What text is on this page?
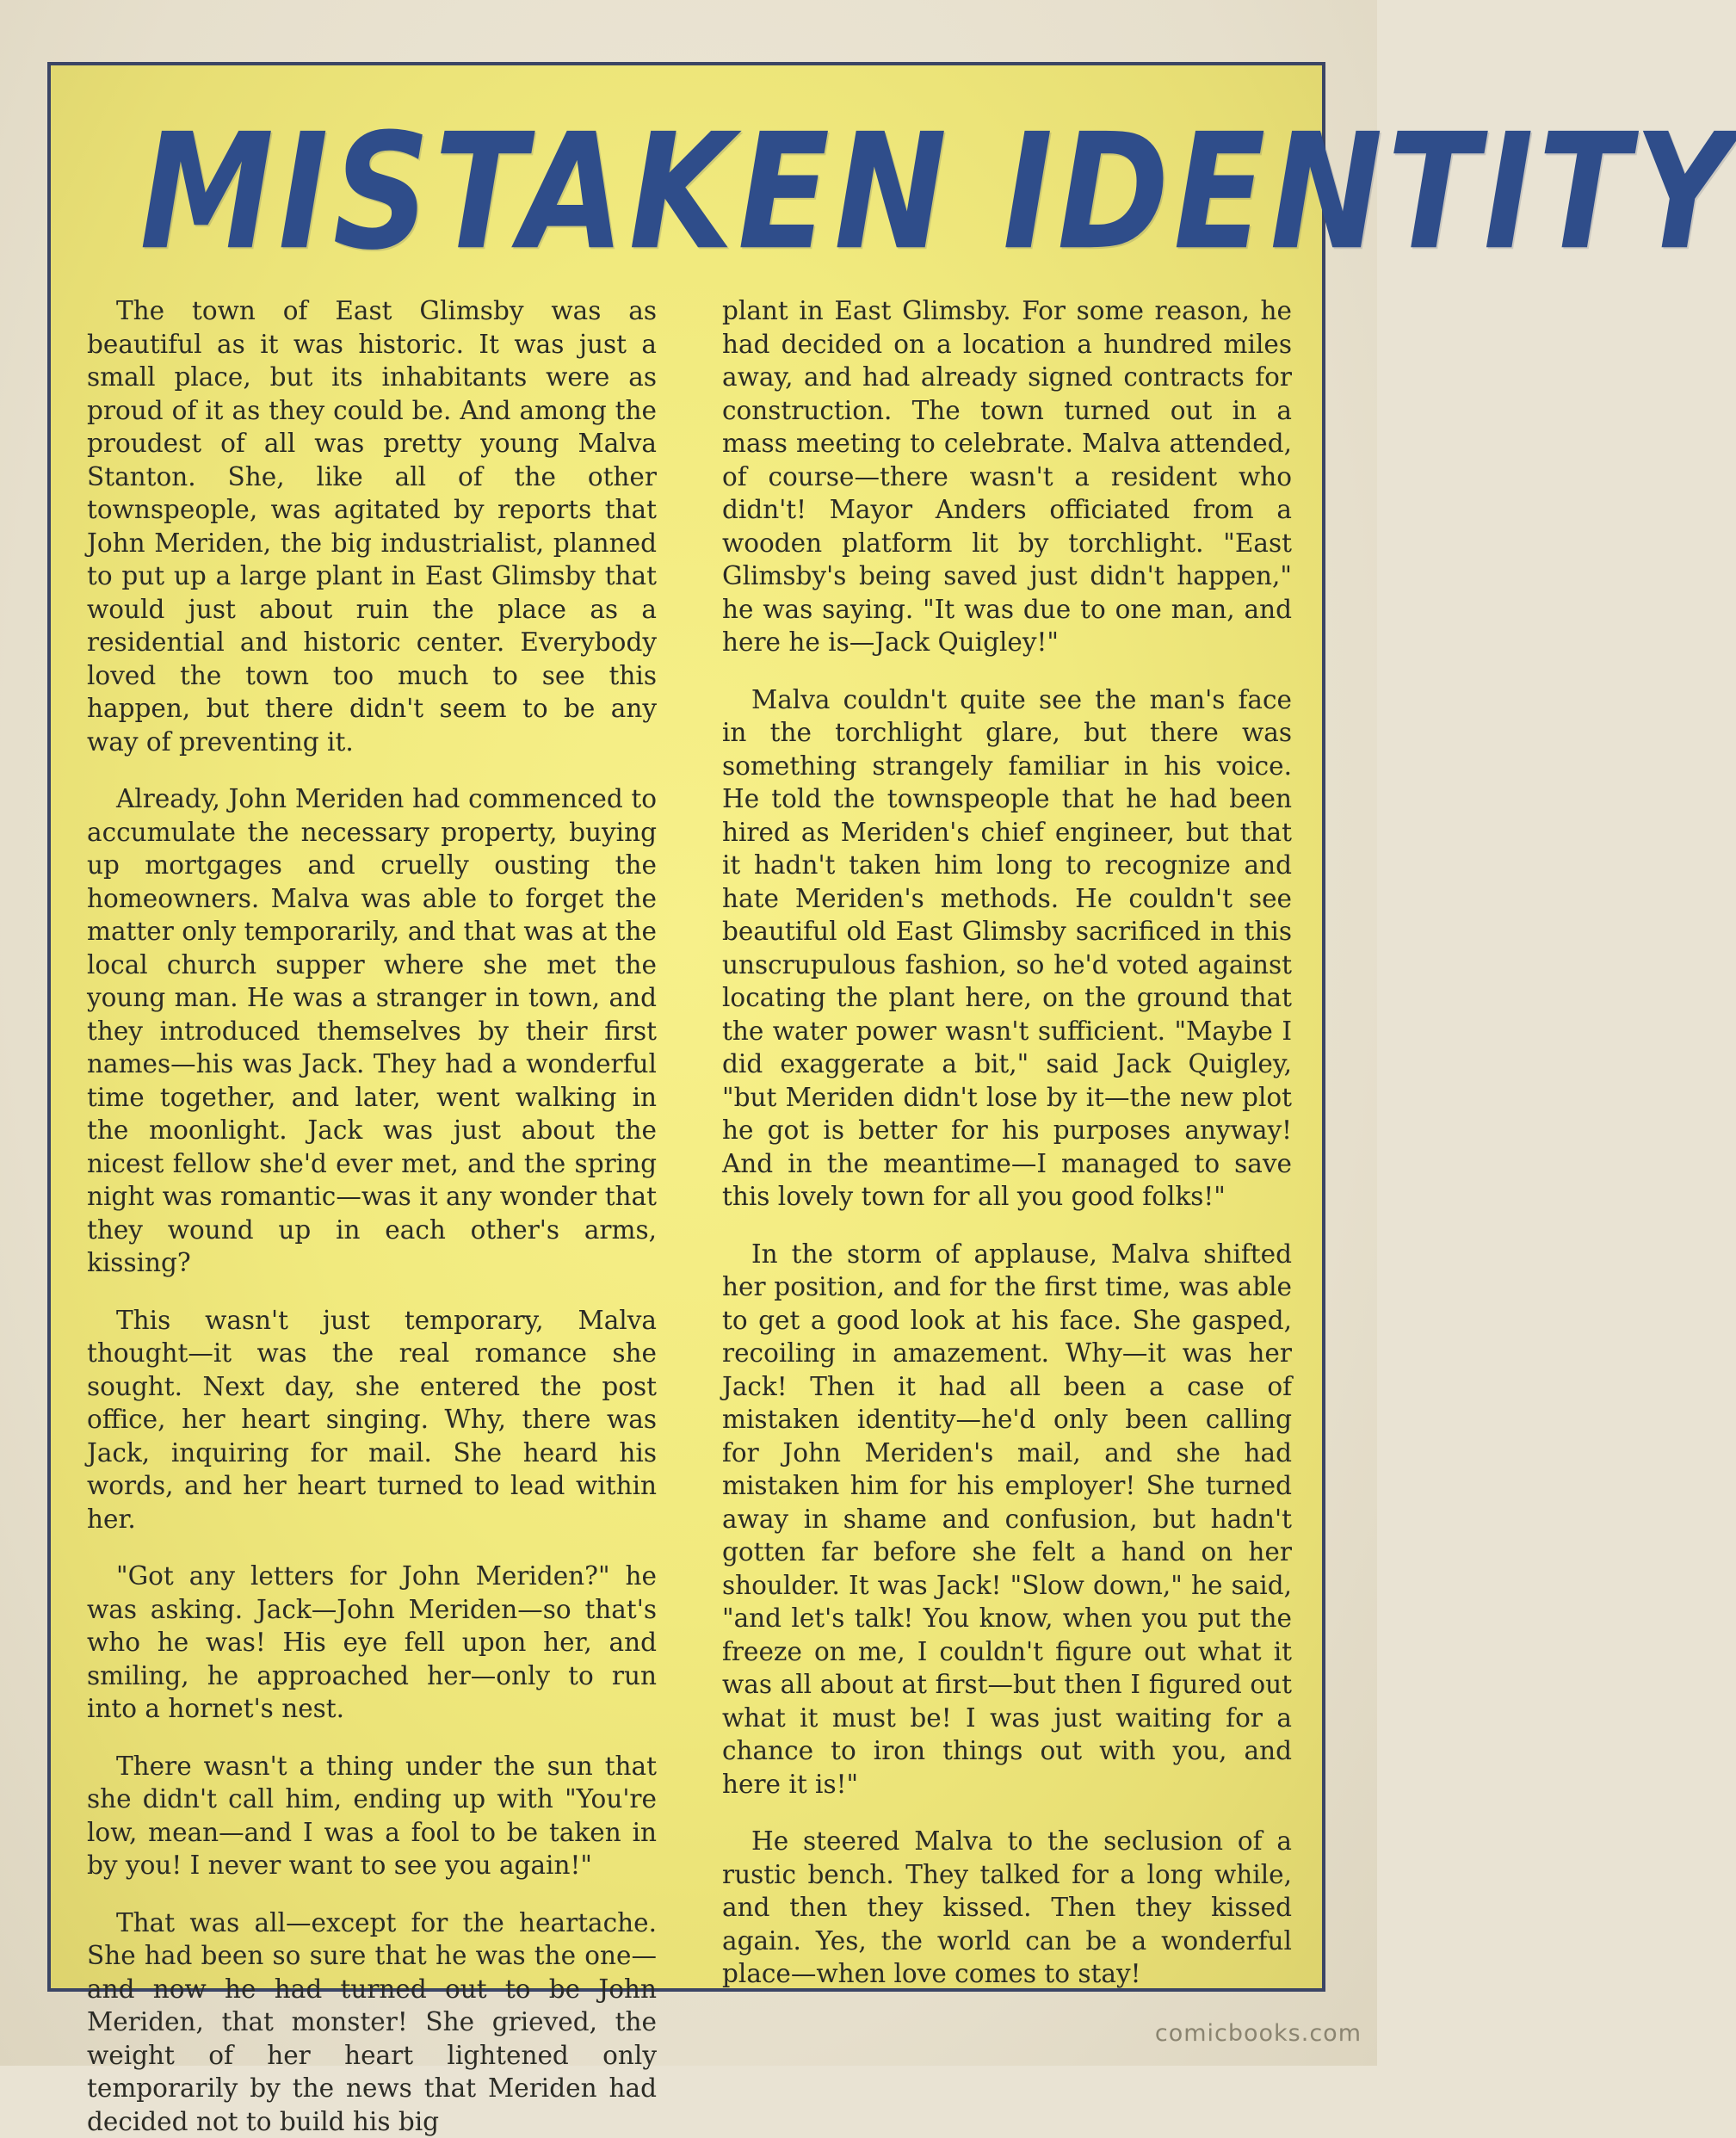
MISTAKEN IDENTITY

The town of East Glimsby was as beautiful as it was historic. It was just a small place, but its inhabitants were as proud of it as they could be. And among the proudest of all was pretty young Malva Stanton. She, like all of the other townspeople, was agitated by reports that John Meriden, the big industrialist, planned to put up a large plant in East Glimsby that would just about ruin the place as a residential and historic center. Everybody loved the town too much to see this happen, but there didn't seem to be any way of preventing it.

Already, John Meriden had commenced to accumulate the necessary property, buying up mortgages and cruelly ousting the homeowners. Malva was able to forget the matter only temporarily, and that was at the local church supper where she met the young man. He was a stranger in town, and they introduced themselves by their first names—his was Jack. They had a wonderful time together, and later, went walking in the moonlight. Jack was just about the nicest fellow she'd ever met, and the spring night was romantic—was it any wonder that they wound up in each other's arms, kissing?

This wasn't just temporary, Malva thought—it was the real romance she sought. Next day, she entered the post office, her heart singing. Why, there was Jack, inquiring for mail. She heard his words, and her heart turned to lead within her.

"Got any letters for John Meriden?" he was asking. Jack—John Meriden—so that's who he was! His eye fell upon her, and smiling, he approached her—only to run into a hornet's nest.

There wasn't a thing under the sun that she didn't call him, ending up with "You're low, mean—and I was a fool to be taken in by you! I never want to see you again!"

That was all—except for the heartache. She had been so sure that he was the one—and now he had turned out to be John Meriden, that monster! She grieved, the weight of her heart lightened only temporarily by the news that Meriden had decided not to build his big

plant in East Glimsby. For some reason, he had decided on a location a hundred miles away, and had already signed contracts for construction. The town turned out in a mass meeting to celebrate. Malva attended, of course—there wasn't a resident who didn't! Mayor Anders officiated from a wooden platform lit by torchlight. "East Glimsby's being saved just didn't happen," he was saying. "It was due to one man, and here he is—Jack Quigley!"

Malva couldn't quite see the man's face in the torchlight glare, but there was something strangely familiar in his voice. He told the townspeople that he had been hired as Meriden's chief engineer, but that it hadn't taken him long to recognize and hate Meriden's methods. He couldn't see beautiful old East Glimsby sacrificed in this unscrupulous fashion, so he'd voted against locating the plant here, on the ground that the water power wasn't sufficient. "Maybe I did exaggerate a bit," said Jack Quigley, "but Meriden didn't lose by it—the new plot he got is better for his purposes anyway! And in the meantime—I managed to save this lovely town for all you good folks!"

In the storm of applause, Malva shifted her position, and for the first time, was able to get a good look at his face. She gasped, recoiling in amazement. Why—it was her Jack! Then it had all been a case of mistaken identity—he'd only been calling for John Meriden's mail, and she had mistaken him for his employer! She turned away in shame and confusion, but hadn't gotten far before she felt a hand on her shoulder. It was Jack! "Slow down," he said, "and let's talk! You know, when you put the freeze on me, I couldn't figure out what it was all about at first—but then I figured out what it must be! I was just waiting for a chance to iron things out with you, and here it is!"

He steered Malva to the seclusion of a rustic bench. They talked for a long while, and then they kissed. Then they kissed again. Yes, the world can be a wonderful place—when love comes to stay!

comicbooks.com
